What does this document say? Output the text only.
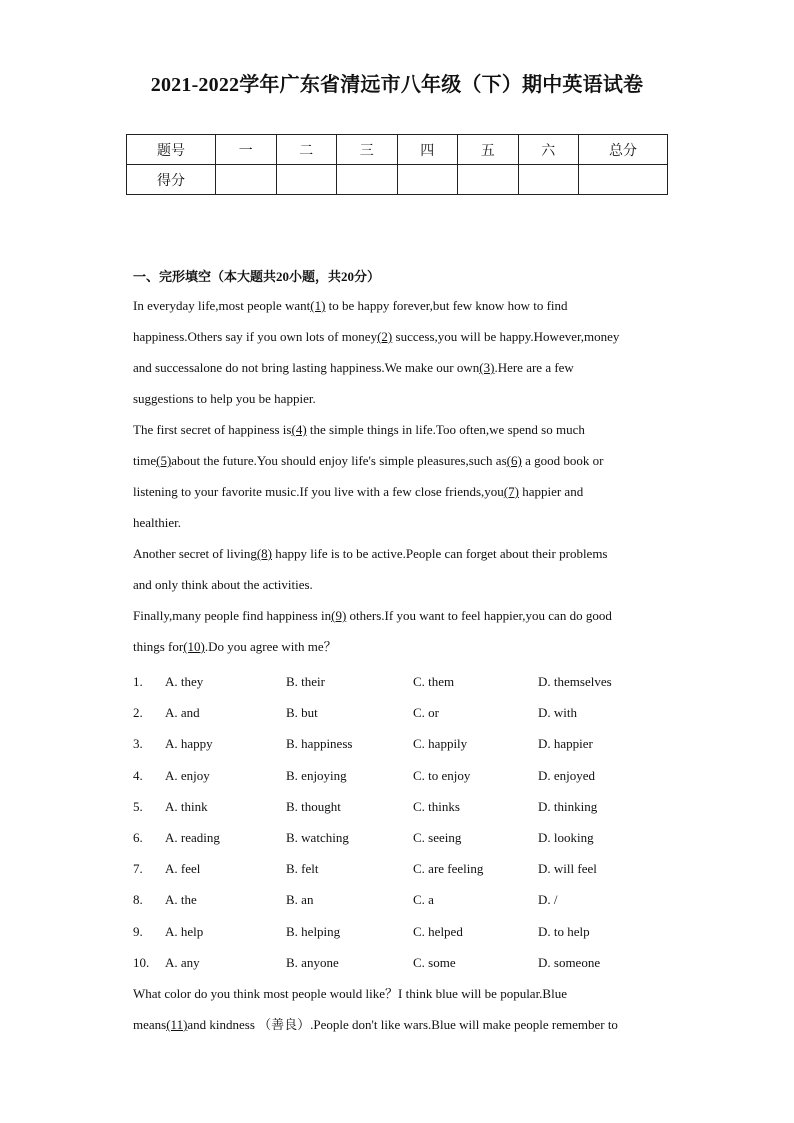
2021-2022学年广东省清远市八年级（下）期中英语试卷
题号	一	二	三	四	五	六	总分
得分							
一、完形填空（本大题共20小题，共20分）

In everyday life,most people want(1) to be happy forever,but few know how to find

happiness.Others say if you own lots of money(2) success,you will be happy.However,money

and successalone do not bring lasting happiness.We make our own(3).Here are a few

suggestions to help you be happier.

The first secret of happiness is(4) the simple things in life.Too often,we spend so much

time(5)about the future.You should enjoy life's simple pleasures,such as(6) a good book or

listening to your favorite music.If you live with a few close friends,you(7) happier and

healthier.

Another secret of living(8) happy life is to be active.People can forget about their problems

and only think about the activities.

Finally,many people find happiness in(9) others.If you want to feel happier,you can do good

things for(10).Do you agree with me？

1. A. they	B. their	C. them	D. themselves
2. A. and	B. but	C. or	D. with
3. A. happy	B. happiness	C. happily	D. happier
4. A. enjoy	B. enjoying	C. to enjoy	D. enjoyed
5. A. think	B. thought	C. thinks	D. thinking
6. A. reading	B. watching	C. seeing	D. looking
7. A. feel	B. felt	C. are feeling	D. will feel
8. A. the	B. an	C. a	D. /
9. A. help	B. helping	C. helped	D. to help
10. A. any	B. anyone	C. some	D. someone

What color do you think most people would like？I think blue will be popular.Blue

means(11)and kindness （善良）.People don't like wars.Blue will make people remember to
